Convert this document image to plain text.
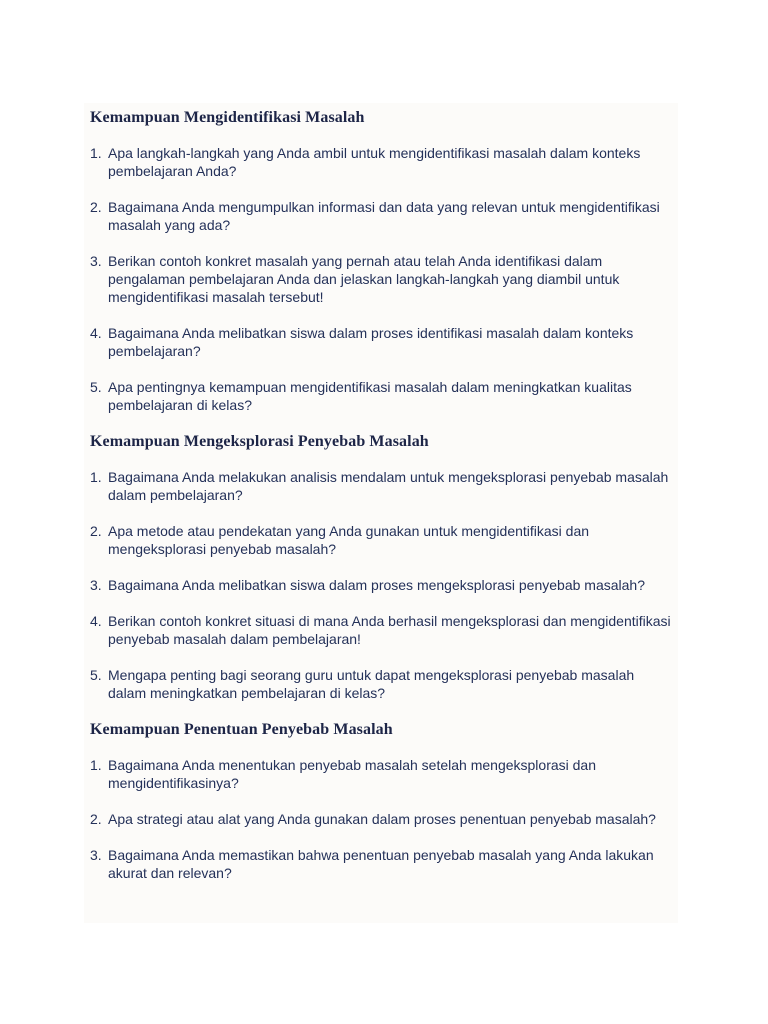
Kemampuan Mengidentifikasi Masalah
1. Apa langkah-langkah yang Anda ambil untuk mengidentifikasi masalah dalam konteks pembelajaran Anda?
2. Bagaimana Anda mengumpulkan informasi dan data yang relevan untuk mengidentifikasi masalah yang ada?
3. Berikan contoh konkret masalah yang pernah atau telah Anda identifikasi dalam pengalaman pembelajaran Anda dan jelaskan langkah-langkah yang diambil untuk mengidentifikasi masalah tersebut!
4. Bagaimana Anda melibatkan siswa dalam proses identifikasi masalah dalam konteks pembelajaran?
5. Apa pentingnya kemampuan mengidentifikasi masalah dalam meningkatkan kualitas pembelajaran di kelas?
Kemampuan Mengeksplorasi Penyebab Masalah
1. Bagaimana Anda melakukan analisis mendalam untuk mengeksplorasi penyebab masalah dalam pembelajaran?
2. Apa metode atau pendekatan yang Anda gunakan untuk mengidentifikasi dan mengeksplorasi penyebab masalah?
3. Bagaimana Anda melibatkan siswa dalam proses mengeksplorasi penyebab masalah?
4. Berikan contoh konkret situasi di mana Anda berhasil mengeksplorasi dan mengidentifikasi penyebab masalah dalam pembelajaran!
5. Mengapa penting bagi seorang guru untuk dapat mengeksplorasi penyebab masalah dalam meningkatkan pembelajaran di kelas?
Kemampuan Penentuan Penyebab Masalah
1. Bagaimana Anda menentukan penyebab masalah setelah mengeksplorasi dan mengidentifikasinya?
2. Apa strategi atau alat yang Anda gunakan dalam proses penentuan penyebab masalah?
3. Bagaimana Anda memastikan bahwa penentuan penyebab masalah yang Anda lakukan akurat dan relevan?
